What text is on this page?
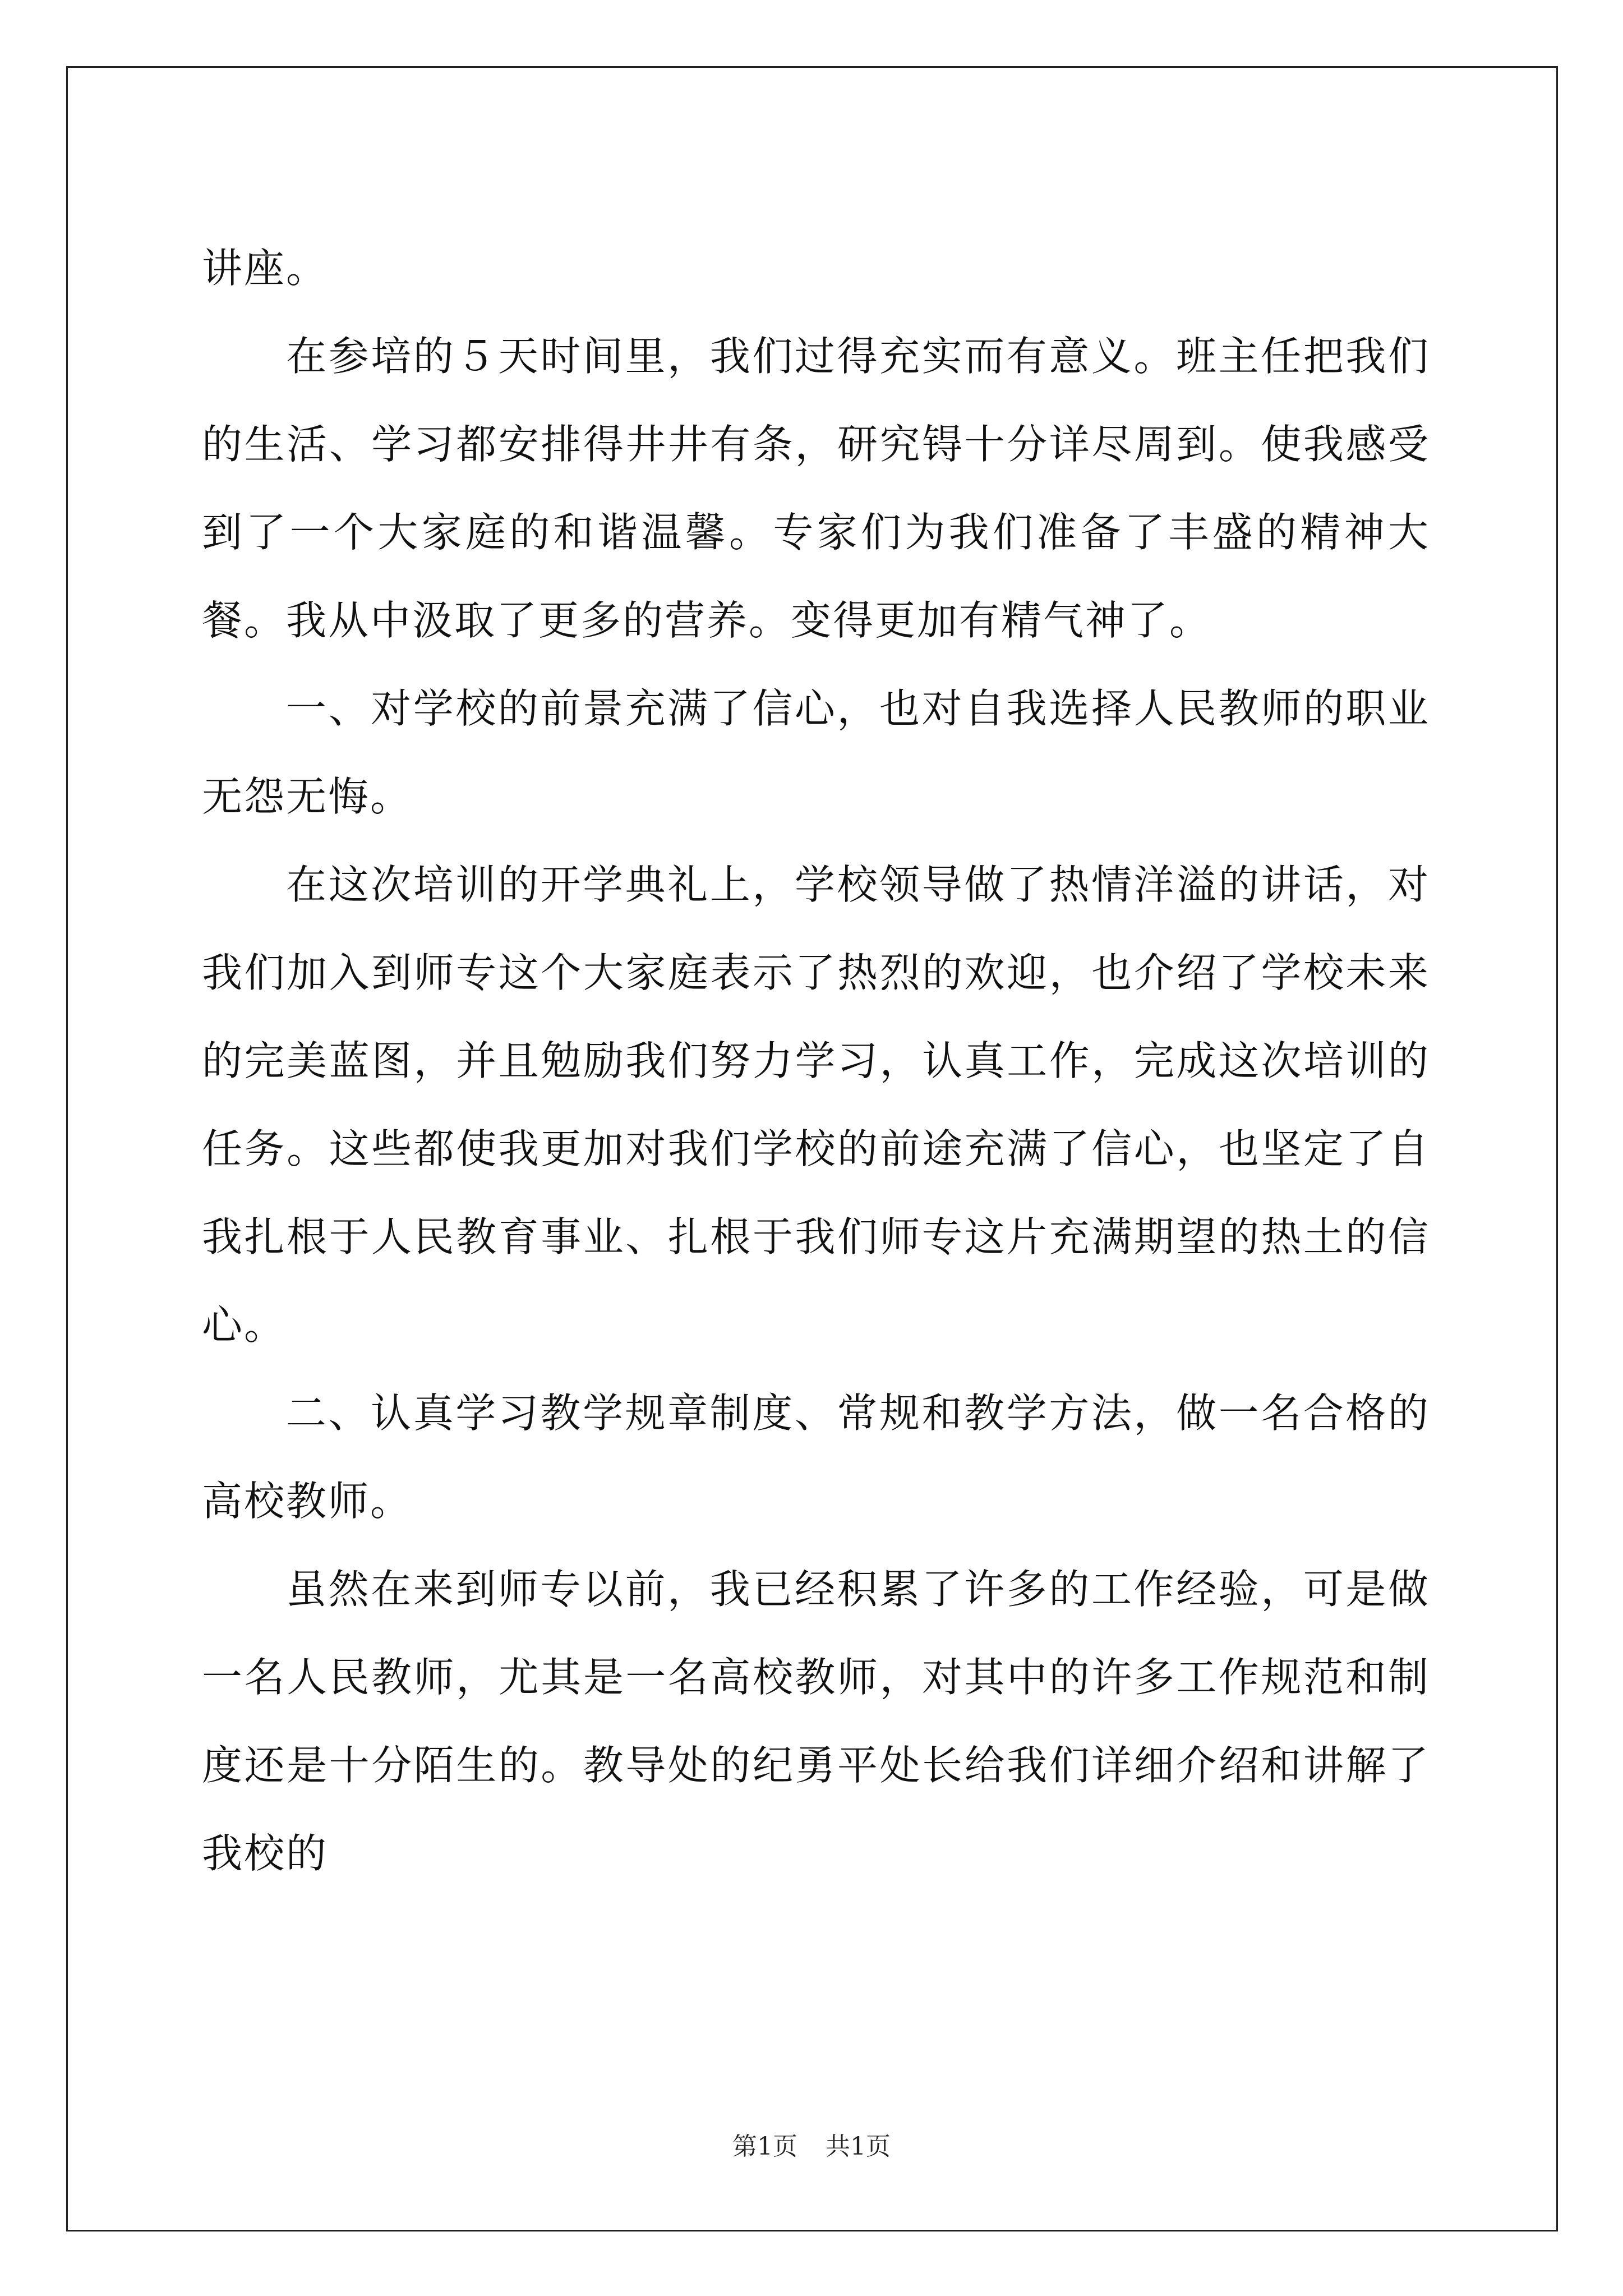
讲座。

在参培的５天时间里，我们过得充实而有意义。班主任把我们的生活、学习都安排得井井有条，研究锝十分详尽周到。使我感受到了一个大家庭的和谐温馨。专家们为我们准备了丰盛的精神大餐。我从中汲取了更多的营养。变得更加有精气神了。

一、对学校的前景充满了信心，也对自我选择人民教师的职业无怨无悔。

在这次培训的开学典礼上，学校领导做了热情洋溢的讲话，对我们加入到师专这个大家庭表示了热烈的欢迎，也介绍了学校未来的完美蓝图，并且勉励我们努力学习，认真工作，完成这次培训的任务。这些都使我更加对我们学校的前途充满了信心，也坚定了自我扎根于人民教育事业、扎根于我们师专这片充满期望的热土的信心。

二、认真学习教学规章制度、常规和教学方法，做一名合格的高校教师。

虽然在来到师专以前，我已经积累了许多的工作经验，可是做一名人民教师，尤其是一名高校教师，对其中的许多工作规范和制度还是十分陌生的。教导处的纪勇平处长给我们详细介绍和讲解了我校的

第1页 共1页
